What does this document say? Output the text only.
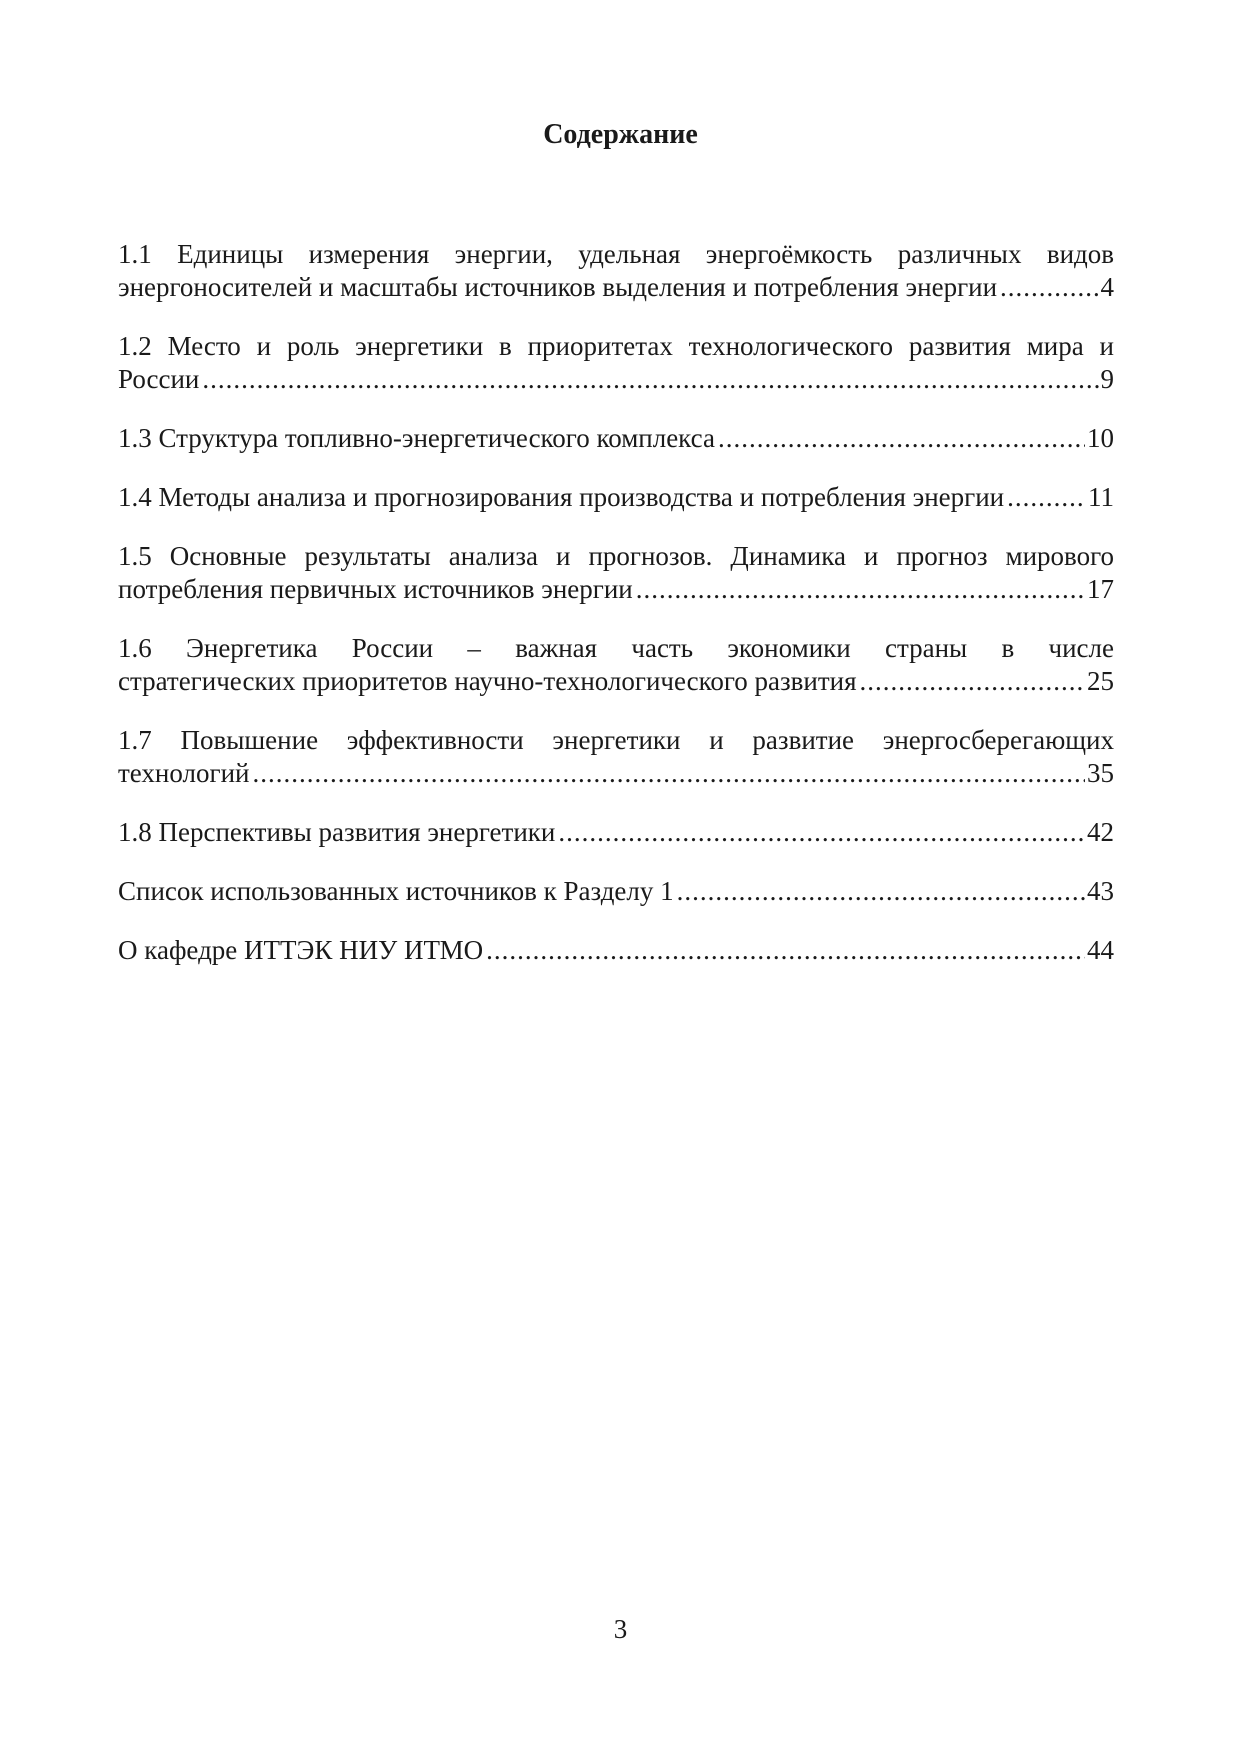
Содержание
1.1 Единицы измерения энергии, удельная энергоёмкость различных видов
энергоносителей и масштабы источников выделения и потребления энергии .....	4
1.2 Место и роль энергетики в приоритетах технологического развития мира и
России .....	9
1.3 Структура топливно-энергетического комплекса .....	10
1.4 Методы анализа и прогнозирования производства и потребления энергии .....	11
1.5 Основные результаты анализа и прогнозов. Динамика и прогноз мирового
потребления первичных источников энергии .....	17
1.6 Энергетика России – важная часть экономики страны в числе
стратегических приоритетов научно-технологического развития .....	25
1.7 Повышение эффективности энергетики и развитие энергосберегающих
технологий .....	35
1.8 Перспективы развития энергетики .....	42
Список использованных источников к Разделу 1 .....	43
О кафедре ИТТЭК НИУ ИТМО .....	44
3
